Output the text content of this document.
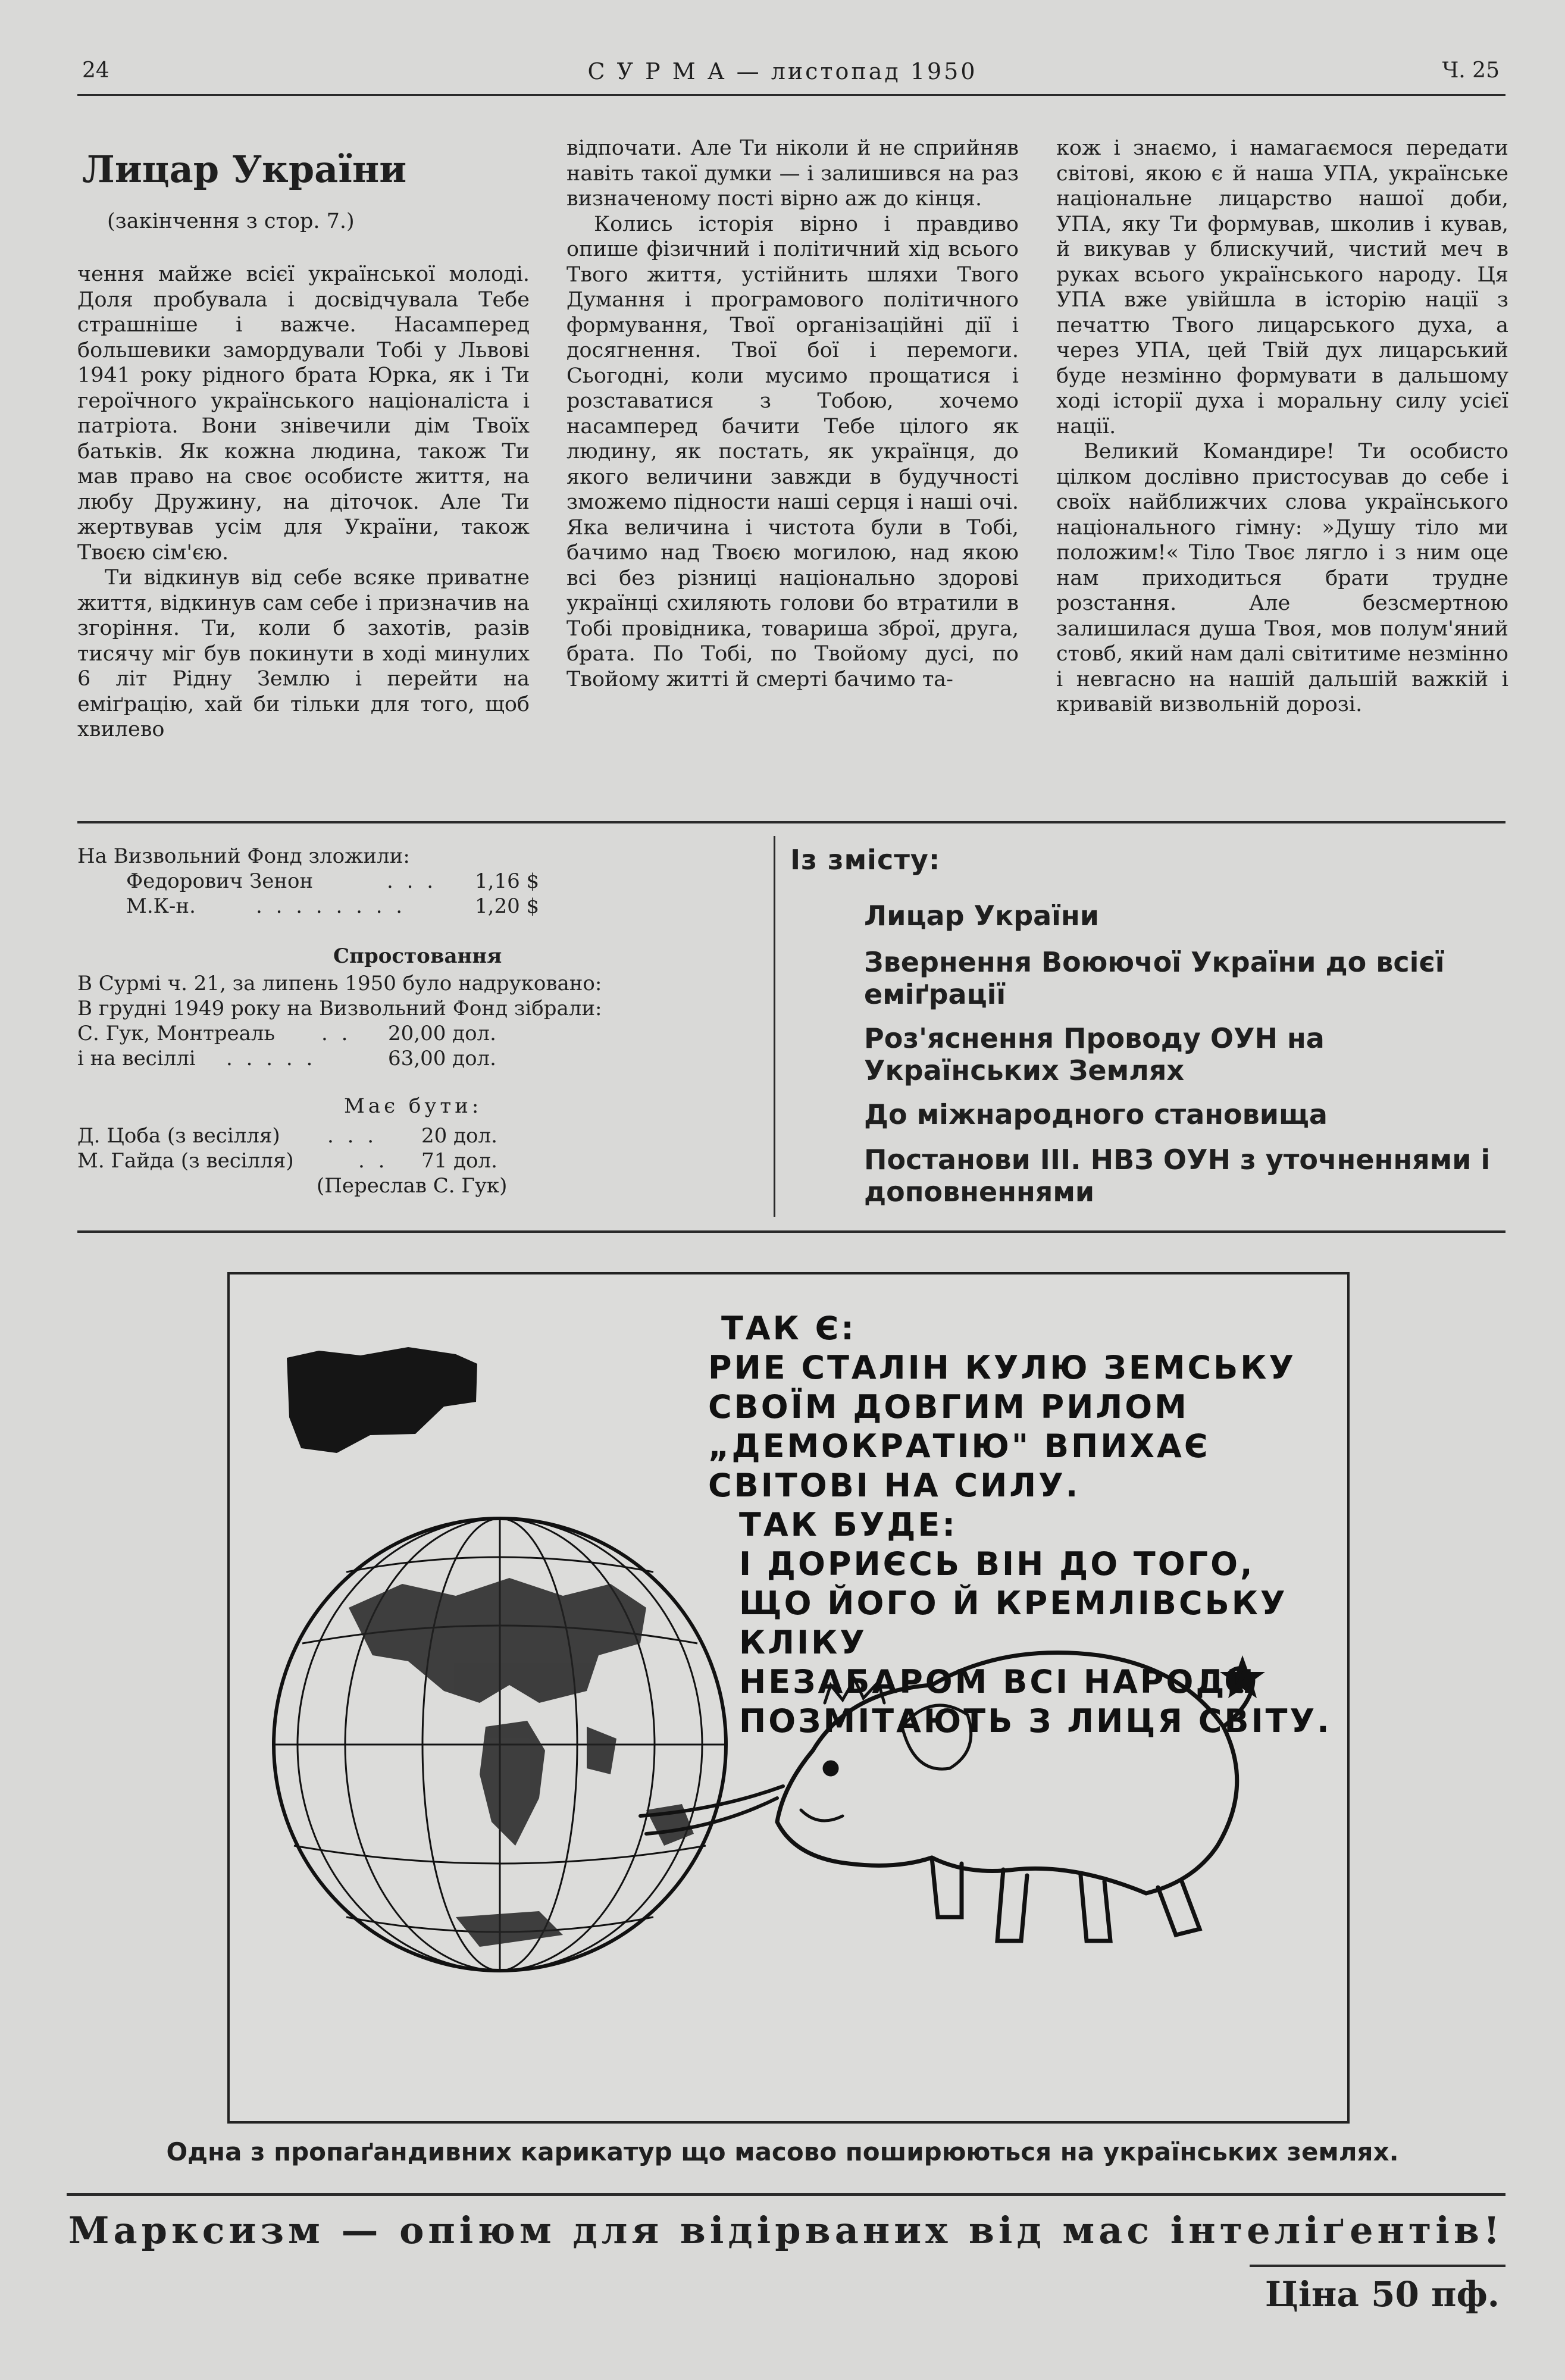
24	С У Р М А — листопад 1950	Ч. 25
Лицар України
(закінчення з стор. 7.)

чення майже всієї української молоді. Доля пробувала і досвідчувала Тебе страшніше і важче. Насамперед большевики замордували Тобі у Львові 1941 року рідного брата Юрка, як і Ти героїчного українського націоналіста і патріота. Вони знівечили дім Твоїх батьків. Як кожна людина, також Ти мав право на своє особисте життя, на любу Дружину, на діточок. Але Ти жертвував усім для України, також Твоєю сім'єю.

Ти відкинув від себе всяке приватне життя, відкинув сам себе і призначив на згоріння. Ти, коли б захотів, разів тисячу міг був покинути в ході минулих 6 літ Рідну Землю і перейти на еміґрацію, хай би тільки для того, щоб хвилево

відпочати. Але Ти ніколи й не сприйняв навіть такої думки — і залишився на раз визначеному пості вірно аж до кінця.

Колись історія вірно і правдиво опише фізичний і політичний хід всього Твого життя, устійнить шляхи Твого Думання і програмового політичного формування, Твої організаційні дії і досягнення. Твої бої і перемоги. Сьогодні, коли мусимо прощатися і розставатися з Тобою, хочемо насамперед бачити Тебе цілого як людину, як постать, як українця, до якого величини завжди в будучності зможемо підности наші серця і наші очі. Яка величина і чистота були в Тобі, бачимо над Твоєю могилою, над якою всі без різниці національно здорові українці схиляють голови бо втратили в Тобі провідника, товариша зброї, друга, брата. По Тобі, по Твойому дусі, по Твойому житті й смерті бачимо та-

кож і знаємо, і намагаємося передати світові, якою є й наша УПА, українське національне лицарство нашої доби, УПА, яку Ти формував, школив і кував, й викував у блискучий, чистий меч в руках всього українського народу. Ця УПА вже увійшла в історію нації з печаттю Твого лицарського духа, а через УПА, цей Твій дух лицарський буде незмінно формувати в дальшому ході історії духа і моральну силу усієї нації.

Великий Командире! Ти особисто цілком дослівно пристосував до себе і своїх найближчих слова українського національного гімну: »Душу тіло ми положим!« Тіло Твоє лягло і з ним оце нам приходиться брати трудне розстання. Але безсмертною залишилася душа Твоя, мов полум'яний стовб, який нам далі світитиме незмінно і невгасно на нашій дальшій важкій і кривавій визвольній дорозі.

На Визвольний Фонд зложили:
Федорович Зенон	. . . 1,16 $
М.К-н.	. . . . . . . .	1,20 $
Спростовання
В Сурмі ч. 21, за липень 1950 було надруковано:
В грудні 1949 року на Визвольний Фонд зібрали:
С. Гук, Монтреаль . . 20,00 дол.
і на весіллі . . . . .	63,00 дол.
Має бути:
Д. Цоба (з весілля) . . . 20 дол.
М. Гайда (з весілля)	. . 71 дол.
(Переслав С. Гук)
Із змісту:
Лицар України
Звернення Воюючої України до всієї еміґрації
Роз'яснення Проводу ОУН на Українських Землях
До міжнародного становища
Постанови ІІІ. НВЗ ОУН з уточненнями і доповненнями
ТАК Є:
РИЕ СТАЛІН КУЛЮ ЗЕМСЬКУ
СВОЇМ ДОВГИМ РИЛОМ
„ДЕМОКРАТІЮ" ВПИХАЄ
СВІТОВІ НА СИЛУ.
ТАК БУДЕ:
І ДОРИЄСЬ ВІН ДО ТОГО,
ЩО ЙОГО Й КРЕМЛІВСЬКУ КЛІКУ
НЕЗАБАРОМ ВСІ НАРОДИ
ПОЗМІТАЮТЬ З ЛИЦЯ СВІТУ.
Одна з пропаґандивних карикатур що масово поширюються на українських землях.
Марксизм — опіюм для відірваних від мас інтеліґентів!
Ціна 50 пф.
